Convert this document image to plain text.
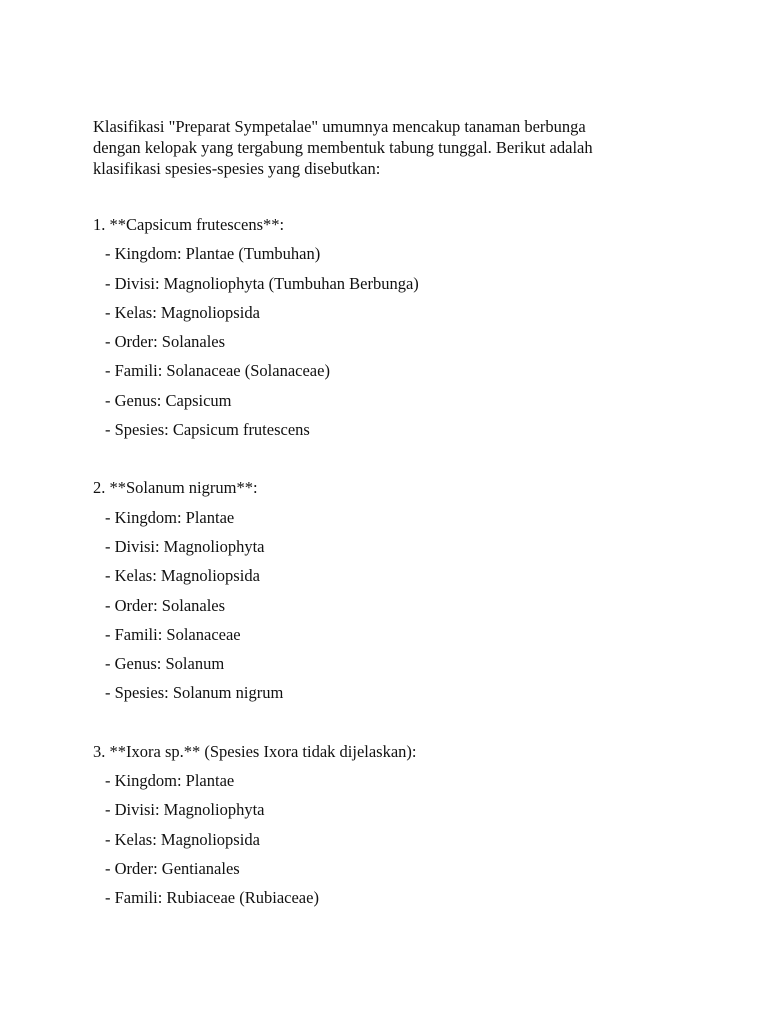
Klasifikasi "Preparat Sympetalae" umumnya mencakup tanaman berbunga
dengan kelopak yang tergabung membentuk tabung tunggal. Berikut adalah
klasifikasi spesies-spesies yang disebutkan:

1. **Capsicum frutescens**:
- Kingdom: Plantae (Tumbuhan)
- Divisi: Magnoliophyta (Tumbuhan Berbunga)
- Kelas: Magnoliopsida
- Order: Solanales
- Famili: Solanaceae (Solanaceae)
- Genus: Capsicum
- Spesies: Capsicum frutescens
2. **Solanum nigrum**:
- Kingdom: Plantae
- Divisi: Magnoliophyta
- Kelas: Magnoliopsida
- Order: Solanales
- Famili: Solanaceae
- Genus: Solanum
- Spesies: Solanum nigrum
3. **Ixora sp.** (Spesies Ixora tidak dijelaskan):
- Kingdom: Plantae
- Divisi: Magnoliophyta
- Kelas: Magnoliopsida
- Order: Gentianales
- Famili: Rubiaceae (Rubiaceae)
